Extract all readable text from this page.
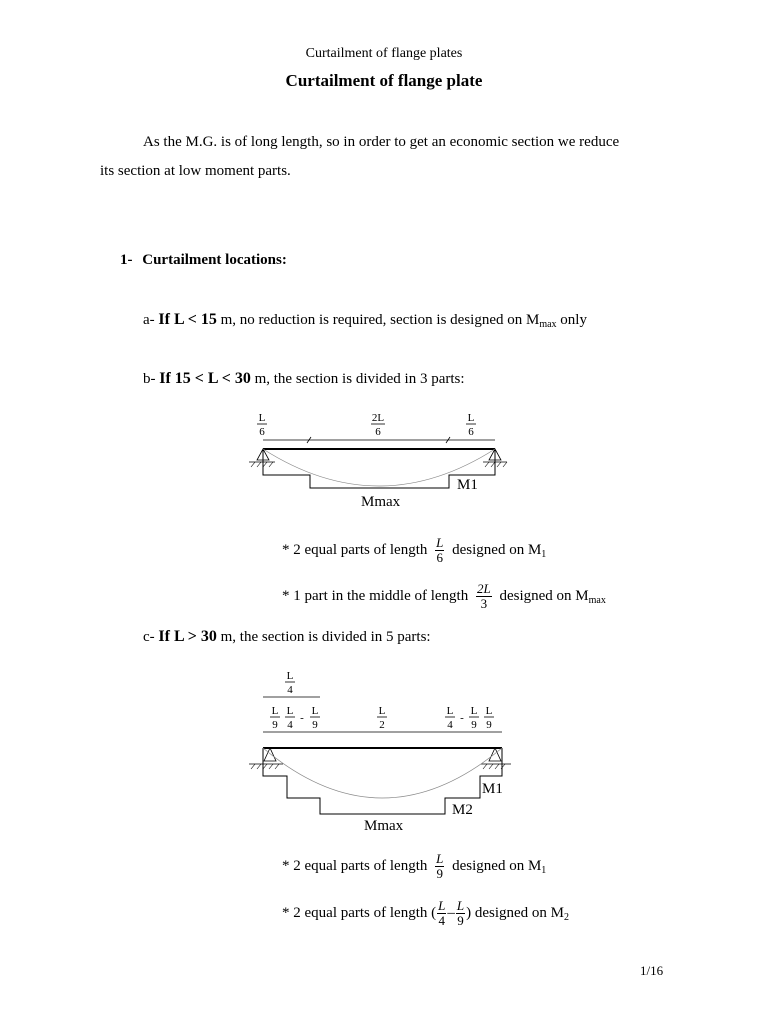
Curtailment of flange plates
Curtailment of flange plate
As the M.G. is of long length, so in order to get an economic section we reduce
its section at low moment parts.
1- Curtailment locations:
a- If L < 15 m, no reduction is required, section is designed on $M_{max}$ only
b- If 15 < L < 30 m, the section is divided in 3 parts:
L
6
2L
6
L
6
M1
Mmax
* 2 equal parts of length $\frac{L}{6}$ designed on $M_1$
* 1 part in the middle of length $\frac{2L}{3}$ designed on $M_{max}$
c- If L > 30 m, the section is divided in 5 parts:
L
4
L
9
L
4
-
L
9
L
2
L
4
-
L
9
L
9
M1
M2
Mmax
* 2 equal parts of length $\frac{L}{9}$ designed on $M_1$
* 2 equal parts of length ( $\frac{L}{4} - \frac{L}{9}$ ) designed on $M_2$
1/16
